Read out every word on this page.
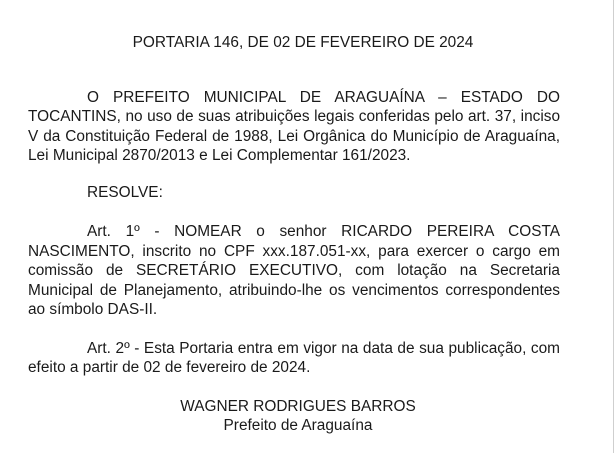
PORTARIA 146, DE 02 DE FEVEREIRO DE 2024

O PREFEITO MUNICIPAL DE ARAGUAÍNA – ESTADO DO TOCANTINS, no uso de suas atribuições legais conferidas pelo art. 37, inciso V da Constituição Federal de 1988, Lei Orgânica do Município de Araguaína, Lei Municipal 2870/2013 e Lei Complementar 161/2023.

RESOLVE:

Art. 1º - NOMEAR o senhor RICARDO PEREIRA COSTA NASCIMENTO, inscrito no CPF xxx.187.051-xx, para exercer o cargo em comissão de SECRETÁRIO EXECUTIVO, com lotação na Secretaria Municipal de Planejamento, atribuindo-lhe os vencimentos correspondentes ao símbolo DAS-II.

Art. 2º - Esta Portaria entra em vigor na data de sua publicação, com efeito a partir de 02 de fevereiro de 2024.

WAGNER RODRIGUES BARROS
Prefeito de Araguaína
